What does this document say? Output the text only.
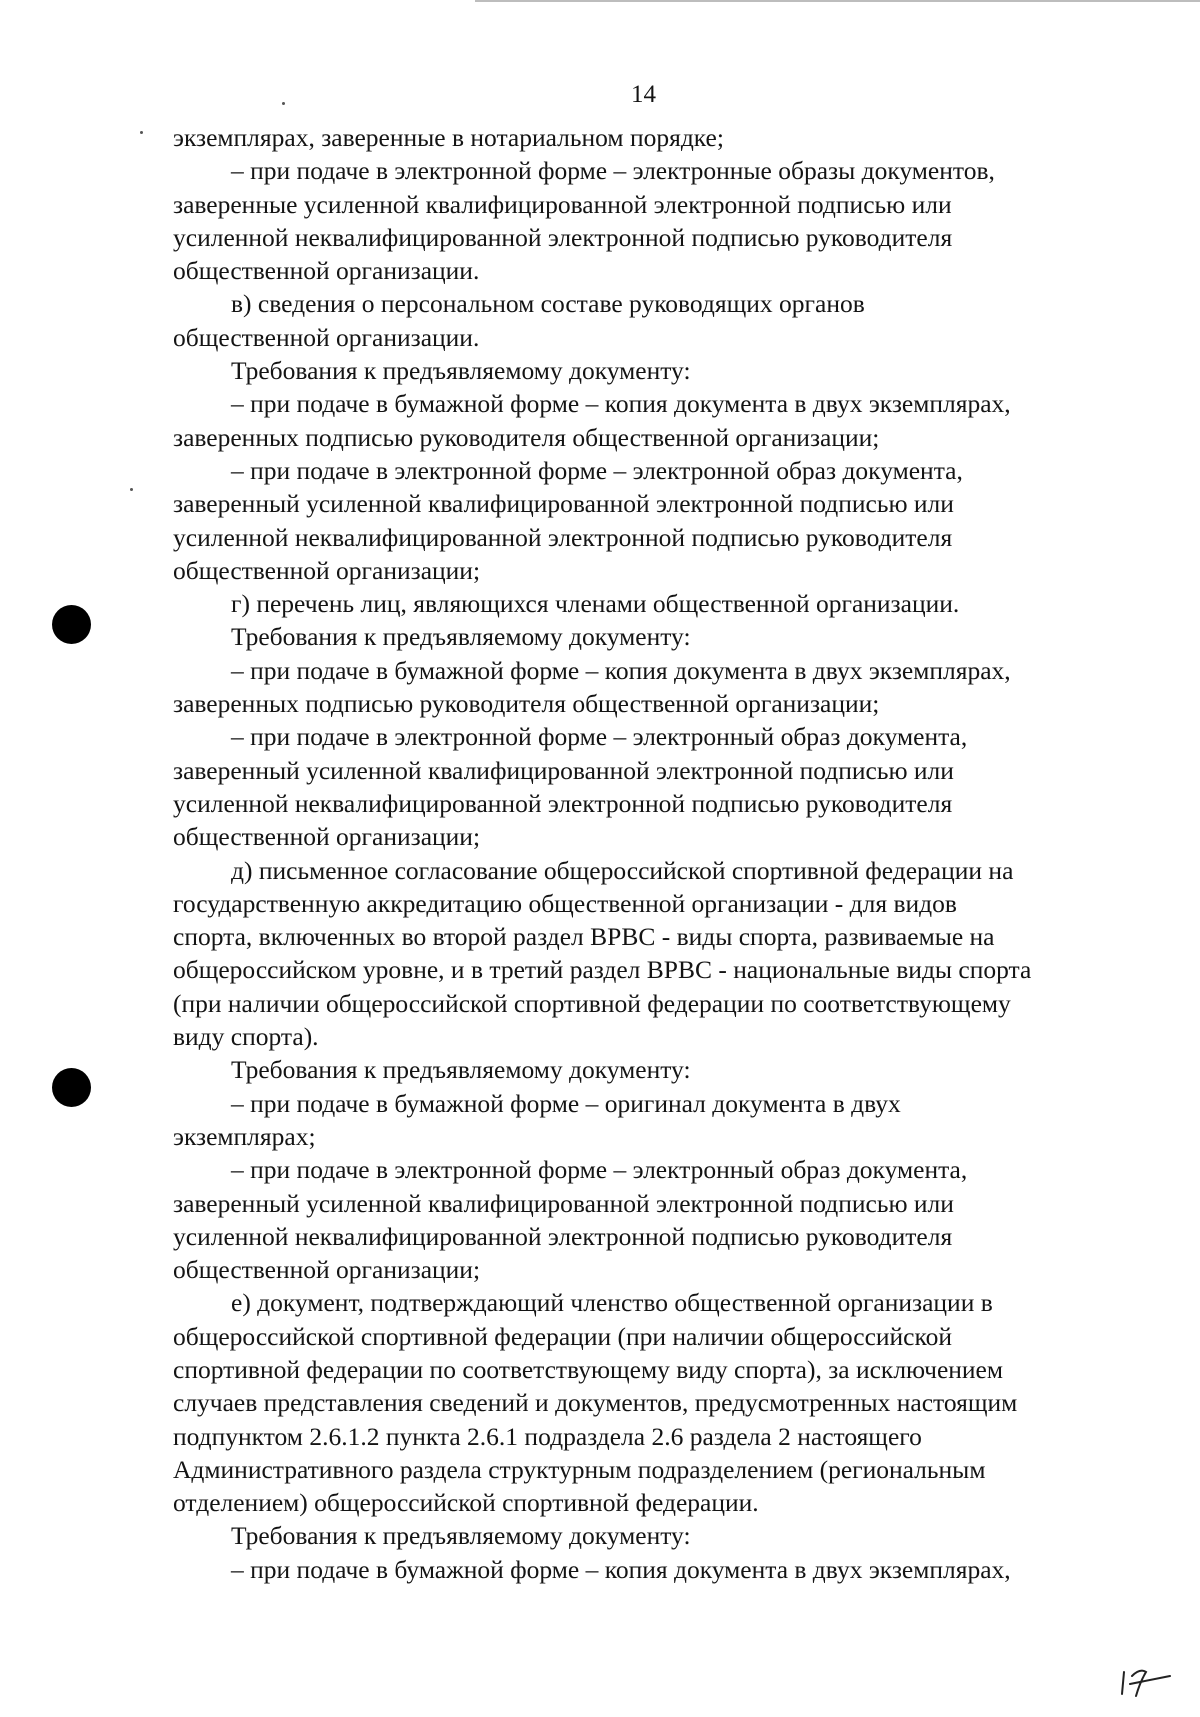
14

экземплярах, заверенные в нотариальном порядке;

– при подаче в электронной форме – электронные образы документов,
заверенные усиленной квалифицированной электронной подписью или
усиленной неквалифицированной электронной подписью руководителя
общественной организации.

в) сведения о персональном составе руководящих органов
общественной организации.

Требования к предъявляемому документу:

– при подаче в бумажной форме – копия документа в двух экземплярах,
заверенных подписью руководителя общественной организации;

– при подаче в электронной форме – электронной образ документа,
заверенный усиленной квалифицированной электронной подписью или
усиленной неквалифицированной электронной подписью руководителя
общественной организации;

г) перечень лиц, являющихся членами общественной организации.

Требования к предъявляемому документу:

– при подаче в бумажной форме – копия документа в двух экземплярах,
заверенных подписью руководителя общественной организации;

– при подаче в электронной форме – электронный образ документа,
заверенный усиленной квалифицированной электронной подписью или
усиленной неквалифицированной электронной подписью руководителя
общественной организации;

д) письменное согласование общероссийской спортивной федерации на
государственную аккредитацию общественной организации - для видов
спорта, включенных во второй раздел ВРВС - виды спорта, развиваемые на
общероссийском уровне, и в третий раздел ВРВС - национальные виды спорта
(при наличии общероссийской спортивной федерации по соответствующему
виду спорта).

Требования к предъявляемому документу:

– при подаче в бумажной форме – оригинал документа в двух
экземплярах;

– при подаче в электронной форме – электронный образ документа,
заверенный усиленной квалифицированной электронной подписью или
усиленной неквалифицированной электронной подписью руководителя
общественной организации;

е) документ, подтверждающий членство общественной организации в
общероссийской спортивной федерации (при наличии общероссийской
спортивной федерации по соответствующему виду спорта), за исключением
случаев представления сведений и документов, предусмотренных настоящим
подпунктом 2.6.1.2 пункта 2.6.1 подраздела 2.6 раздела 2 настоящего
Административного раздела структурным подразделением (региональным
отделением) общероссийской спортивной федерации.

Требования к предъявляемому документу:

– при подаче в бумажной форме – копия документа в двух экземплярах,
